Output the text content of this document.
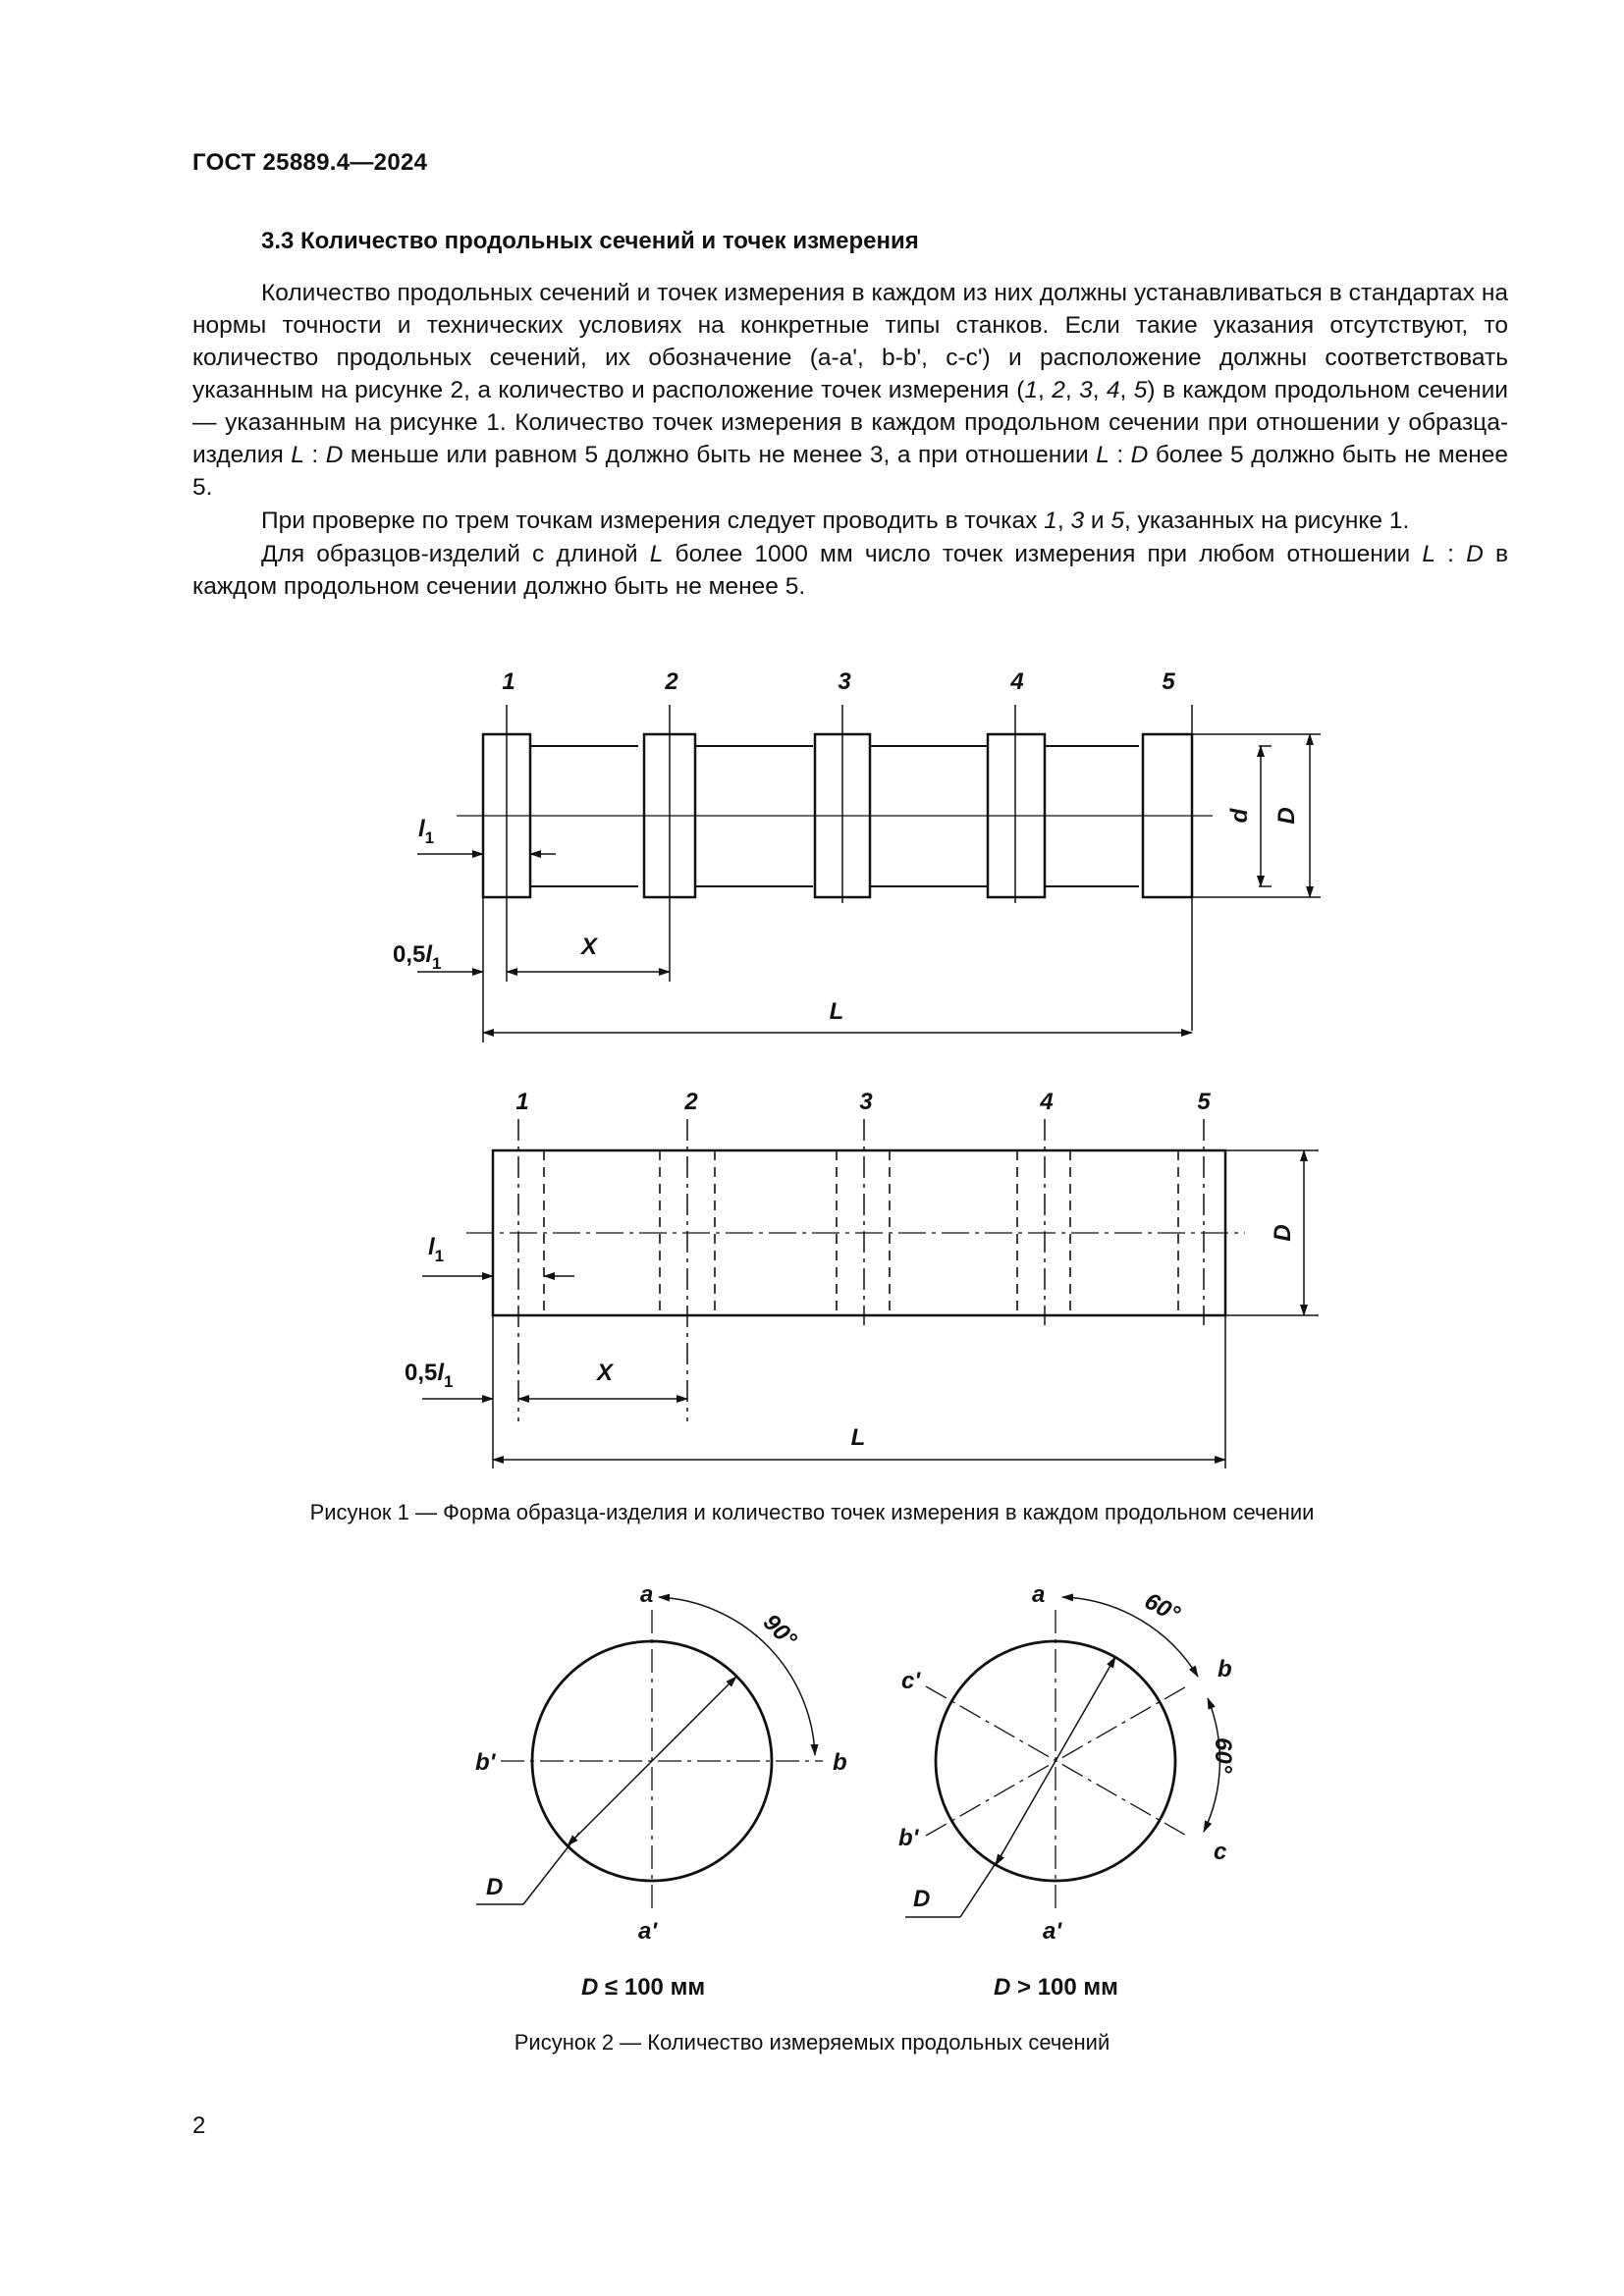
ГОСТ 25889.4—2024
3.3 Количество продольных сечений и точек измерения

Количество продольных сечений и точек измерения в каждом из них должны устанавливаться в стандартах на нормы точности и технических условиях на конкретные типы станков. Если такие указания отсутствуют, то количество продольных сечений, их обозначение (a-a', b-b', c-c') и расположение должны соответствовать указанным на рисунке 2, а количество и расположение точек измерения (1, 2, 3, 4, 5) в каждом продольном сечении — указанным на рисунке 1. Количество точек измерения в каждом продольном сечении при отношении у образца-изделия L : D меньше или равном 5 должно быть не менее 3, а при отношении L : D более 5 должно быть не менее 5.

При проверке по трем точкам измерения следует проводить в точках 1, 3 и 5, указанных на рисунке 1.

Для образцов-изделий с длиной L более 1000 мм число точек измерения при любом отношении L : D в каждом продольном сечении должно быть не менее 5.

1	2	3	4	5
1	2	3	4	5
X
L
X
L
d D
D
$l_1$
$0,5l_1$
$l_1$
$0,5l_1$
Рисунок 1 — Форма образца-изделия и количество точек измерения в каждом продольном сечении
a
a'
b'	b
90°
D
a
a'
c'	b
b'
c
60°
60°
D
D ≤ 100 мм	D > 100 мм
Рисунок 2 — Количество измеряемых продольных сечений
2
